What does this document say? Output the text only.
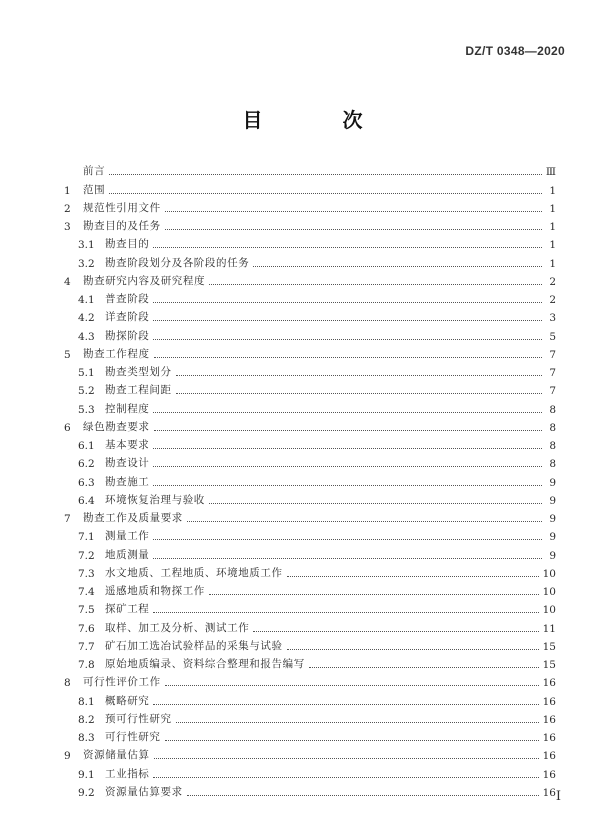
DZ/T 0348—2020
目　次
前言	Ⅲ
1	范围	1
2	规范性引用文件	1
3	勘查目的及任务	1
3.1 勘查目的	1
3.2 勘查阶段划分及各阶段的任务	1
4	勘查研究内容及研究程度	2
4.1 普查阶段	2
4.2 详查阶段	3
4.3 勘探阶段	5
5	勘查工作程度	7
5.1 勘查类型划分	7
5.2 勘查工程间距	7
5.3 控制程度	8
6	绿色勘查要求	8
6.1 基本要求	8
6.2 勘查设计	8
6.3 勘查施工	9
6.4 环境恢复治理与验收	9
7	勘查工作及质量要求	9
7.1 测量工作	9
7.2 地质测量	9
7.3 水文地质、工程地质、环境地质工作	10
7.4 遥感地质和物探工作	10
7.5 探矿工程	10
7.6 取样、加工及分析、测试工作	11
7.7 矿石加工选冶试验样品的采集与试验	15
7.8 原始地质编录、资料综合整理和报告编写	15
8	可行性评价工作	16
8.1 概略研究	16
8.2 预可行性研究	16
8.3 可行性研究	16
9	资源储量估算	16
9.1 工业指标	16
9.2 资源量估算要求	16 I
